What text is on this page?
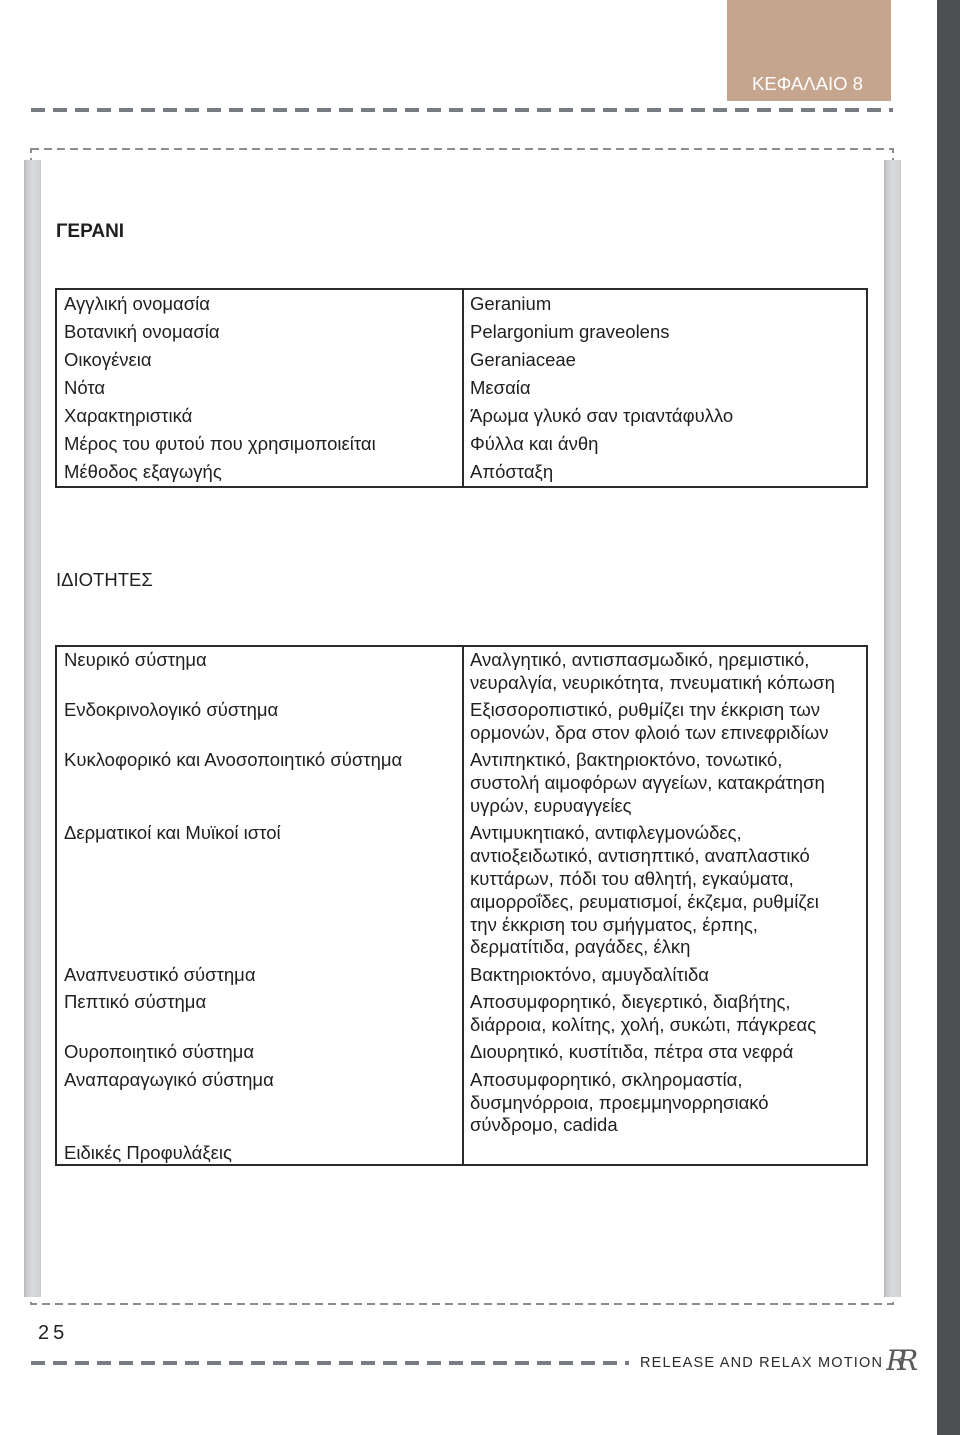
ΚΕΦΑΛΑΙΟ 8
ΓΕΡΑΝΙ
Αγγλική ονομασία	Geranium
Βοτανική ονομασία	Pelargonium graveolens
Οικογένεια	Geraniaceae
Νότα	Μεσαία
Χαρακτηριστικά	Άρωμα γλυκό σαν τριαντάφυλλο
Μέρος του φυτού που χρησιμοποιείται	Φύλλα και άνθη
Μέθοδος εξαγωγής	Απόσταξη
ΙΔΙΟΤΗΤΕΣ
Νευρικό σύστημα	Αναλγητικό, αντισπασμωδικό, ηρεμιστικό,
νευραλγία, νευρικότητα, πνευματική κόπωση
Ενδοκρινολογικό σύστημα	Εξισσοροπιστικό, ρυθμίζει την έκκριση των
ορμονών, δρα στον φλοιό των επινεφριδίων
Κυκλοφορικό και Ανοσοποιητικό σύστημα	Αντιπηκτικό, βακτηριοκτόνο, τονωτικό,
συστολή αιμοφόρων αγγείων, κατακράτηση
υγρών, ευρυαγγείες
Δερματικοί και Μυϊκοί ιστοί	Αντιμυκητιακό, αντιφλεγμονώδες,
αντιοξειδωτικό, αντισηπτικό, αναπλαστικό
κυττάρων, πόδι του αθλητή, εγκαύματα,
αιμορροΐδες, ρευματισμοί, έκζεμα, ρυθμίζει
την έκκριση του σμήγματος, έρπης,
δερματίτιδα, ραγάδες, έλκη
Αναπνευστικό σύστημα	Βακτηριοκτόνο, αμυγδαλίτιδα
Πεπτικό σύστημα	Αποσυμφορητικό, διεγερτικό, διαβήτης,
διάρροια, κολίτης, χολή, συκώτι, πάγκρεας
Ουροποιητικό σύστημα	Διουρητικό, κυστίτιδα, πέτρα στα νεφρά
Αναπαραγωγικό σύστημα	Αποσυμφορητικό, σκληρομαστία,
δυσμηνόρροια, προεμμηνορρησιακό
σύνδρομο, cadida
Ειδικές Προφυλάξεις
25
RELEASE AND RELAX MOTION RR
